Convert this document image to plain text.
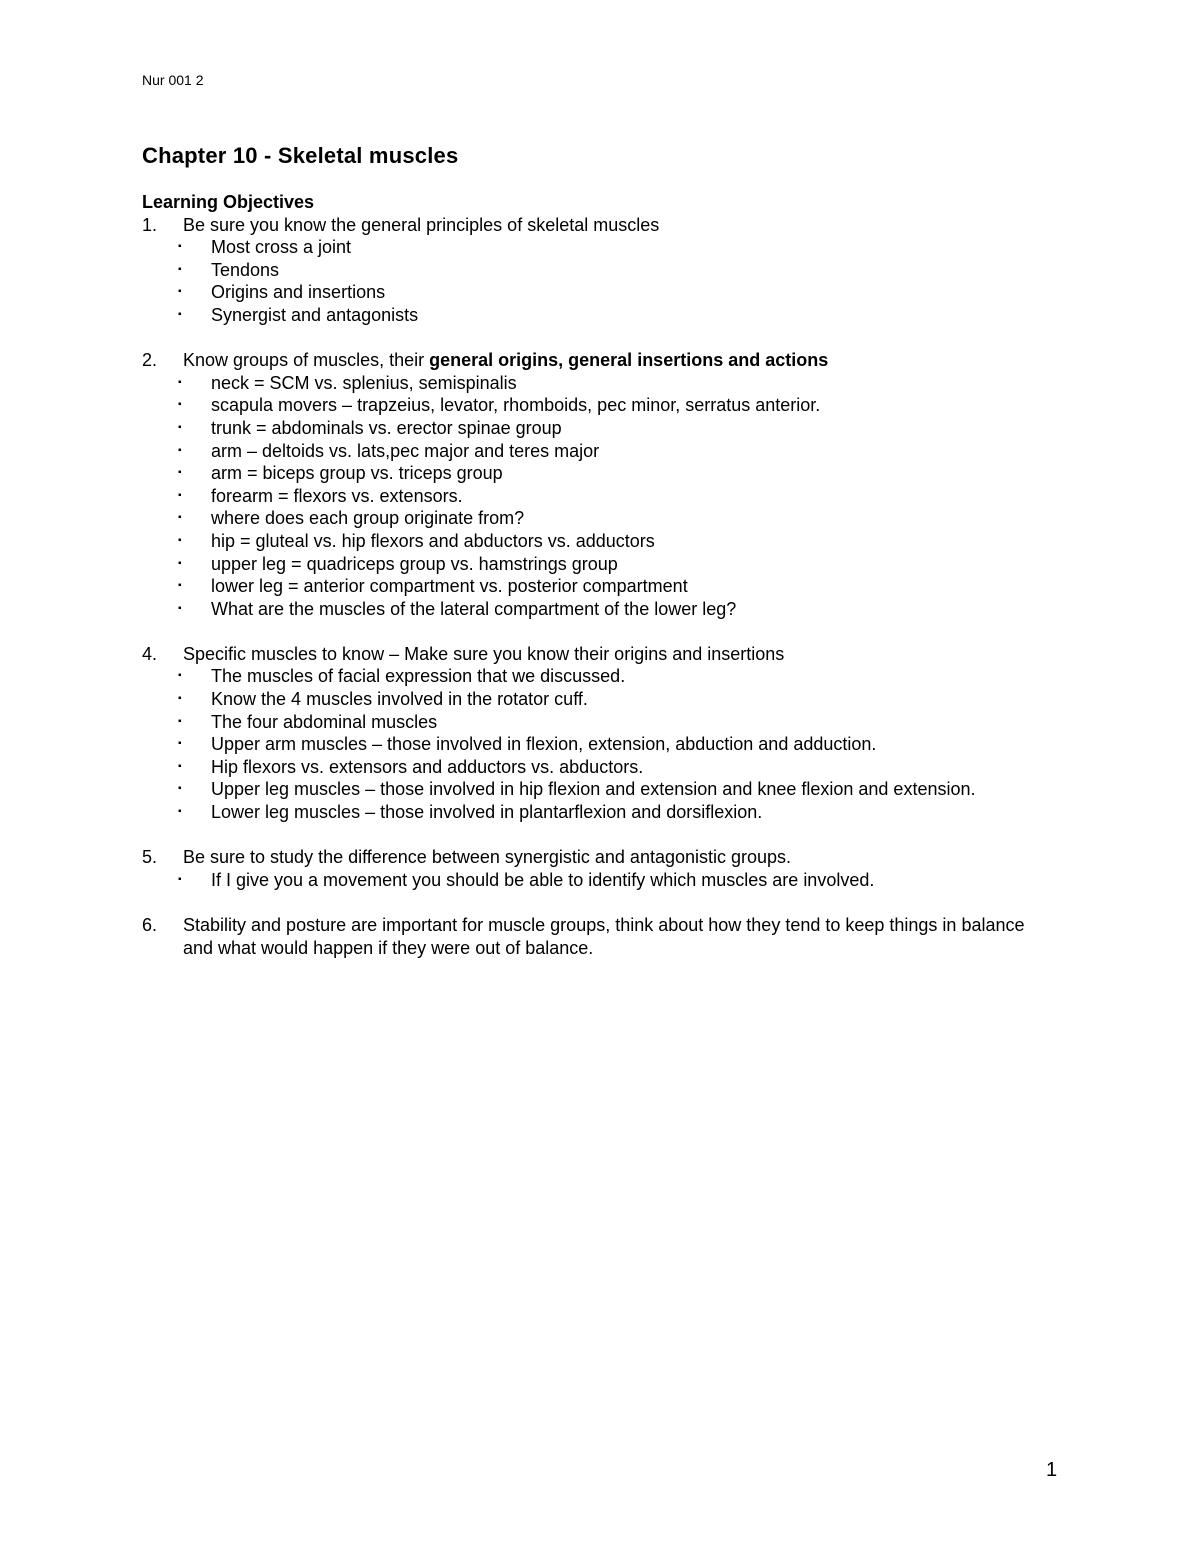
Nur 001 2
Chapter 10 - Skeletal muscles
Learning Objectives
1. Be sure you know the general principles of skeletal muscles
▪ Most cross a joint
▪ Tendons
▪ Origins and insertions
▪ Synergist and antagonists
2. Know groups of muscles, their general origins, general insertions and actions
▪ neck = SCM vs. splenius, semispinalis
▪ scapula movers – trapzeius, levator, rhomboids, pec minor, serratus anterior.
▪ trunk = abdominals vs. erector spinae group
▪ arm – deltoids vs. lats,pec major and teres major
▪ arm = biceps group vs. triceps group
▪ forearm = flexors vs. extensors.
▪ where does each group originate from?
▪ hip = gluteal vs. hip flexors and abductors vs. adductors
▪ upper leg = quadriceps group vs. hamstrings group
▪ lower leg = anterior compartment vs. posterior compartment
▪ What are the muscles of the lateral compartment of the lower leg?
4. Specific muscles to know – Make sure you know their origins and insertions
▪ The muscles of facial expression that we discussed.
▪ Know the 4 muscles involved in the rotator cuff.
▪ The four abdominal muscles
▪ Upper arm muscles – those involved in flexion, extension, abduction and adduction.
▪ Hip flexors vs. extensors and adductors vs. abductors.
▪ Upper leg muscles – those involved in hip flexion and extension and knee flexion and extension.
▪ Lower leg muscles – those involved in plantarflexion and dorsiflexion.
5. Be sure to study the difference between synergistic and antagonistic groups.
▪ If I give you a movement you should be able to identify which muscles are involved.
6. Stability and posture are important for muscle groups, think about how they tend to keep things in balance and what would happen if they were out of balance.
1
